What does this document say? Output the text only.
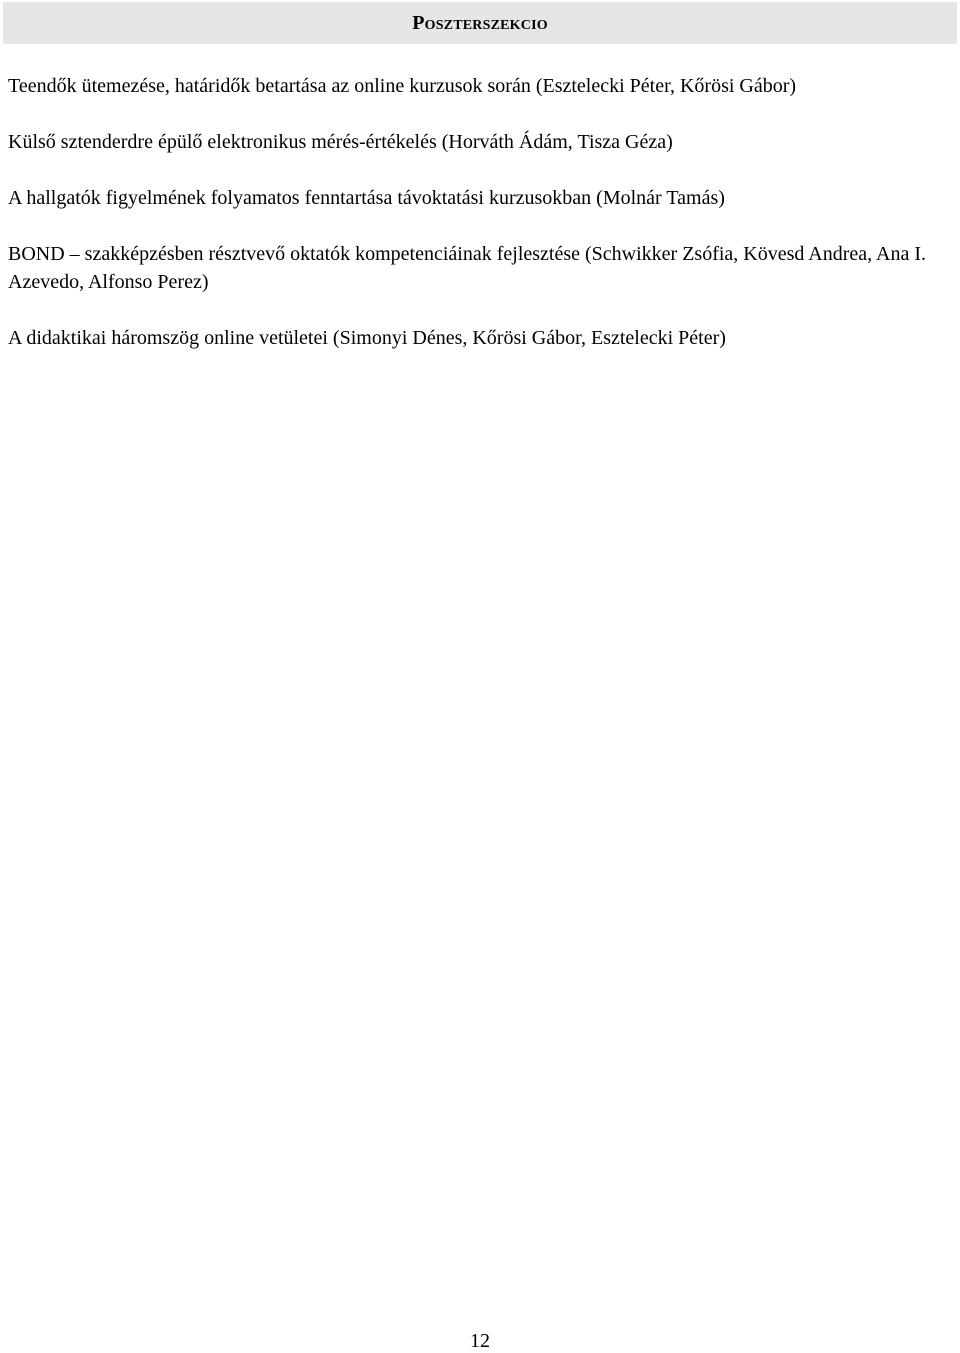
Poszterszekcio

Teendők ütemezése, határidők betartása az online kurzusok során (Esztelecki Péter, Kőrösi Gábor)

Külső sztenderdre épülő elektronikus mérés-értékelés (Horváth Ádám, Tisza Géza)

A hallgatók figyelmének folyamatos fenntartása távoktatási kurzusokban (Molnár Tamás)

BOND – szakképzésben résztvevő oktatók kompetenciáinak fejlesztése (Schwikker Zsófia, Kövesd Andrea, Ana I. Azevedo, Alfonso Perez)

A didaktikai háromszög online vetületei (Simonyi Dénes, Kőrösi Gábor, Esztelecki Péter)

12
